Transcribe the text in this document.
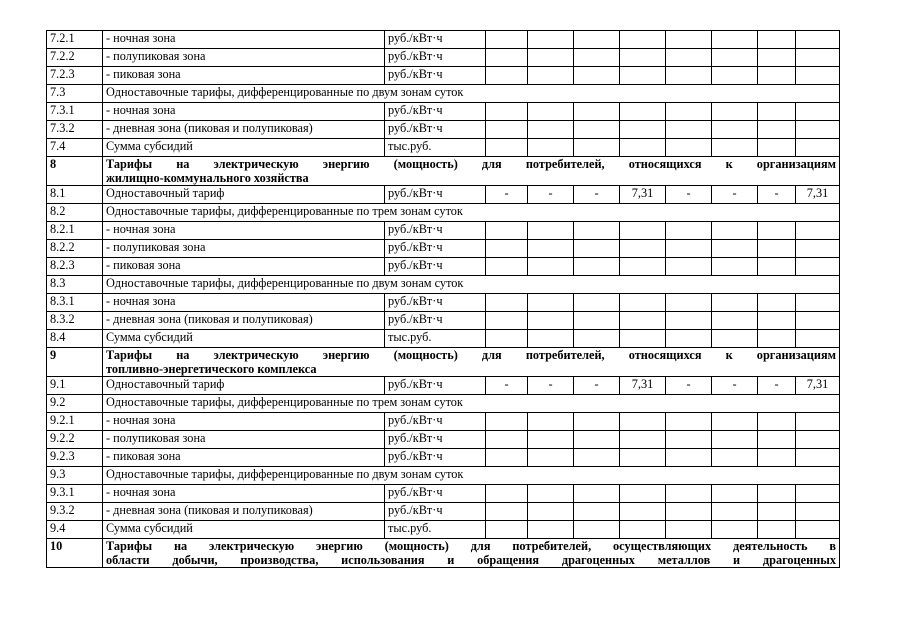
7.2.1	- ночная зона	руб./кВт·ч								
7.2.2	- полупиковая зона	руб./кВт·ч								
7.2.3	- пиковая зона	руб./кВт·ч								
7.3	Одноставочные тарифы, дифференцированные по двум зонам суток									
7.3.1	- ночная зона	руб./кВт·ч								
7.3.2	- дневная зона (пиковая и полупиковая)	руб./кВт·ч								
7.4	Сумма субсидий	тыс.руб.								
8	Тарифы на электрическую энергию (мощность) для потребителей, относящихся к организациям
жилищно-коммунального хозяйства									

8.1	Одноставочный тариф	руб./кВт·ч	-	-	-	7,31	-	-	-	7,31
8.2	Одноставочные тарифы, дифференцированные по трем зонам суток									
8.2.1	- ночная зона	руб./кВт·ч								
8.2.2	- полупиковая зона	руб./кВт·ч								
8.2.3	- пиковая зона	руб./кВт·ч								
8.3	Одноставочные тарифы, дифференцированные по двум зонам суток									
8.3.1	- ночная зона	руб./кВт·ч								
8.3.2	- дневная зона (пиковая и полупиковая)	руб./кВт·ч								
8.4	Сумма субсидий	тыс.руб.								
9	Тарифы на электрическую энергию (мощность) для потребителей, относящихся к организациям
топливно-энергетического комплекса									

9.1	Одноставочный тариф	руб./кВт·ч	-	-	-	7,31	-	-	-	7,31
9.2	Одноставочные тарифы, дифференцированные по трем зонам суток									
9.2.1	- ночная зона	руб./кВт·ч								
9.2.2	- полупиковая зона	руб./кВт·ч								
9.2.3	- пиковая зона	руб./кВт·ч								
9.3	Одноставочные тарифы, дифференцированные по двум зонам суток									
9.3.1	- ночная зона	руб./кВт·ч								
9.3.2	- дневная зона (пиковая и полупиковая)	руб./кВт·ч								
9.4	Сумма субсидий	тыс.руб.								
10	Тарифы на электрическую энергию (мощность) для потребителей, осуществляющих деятельность в
области добычи, производства, использования и обращения драгоценных металлов и драгоценных									
